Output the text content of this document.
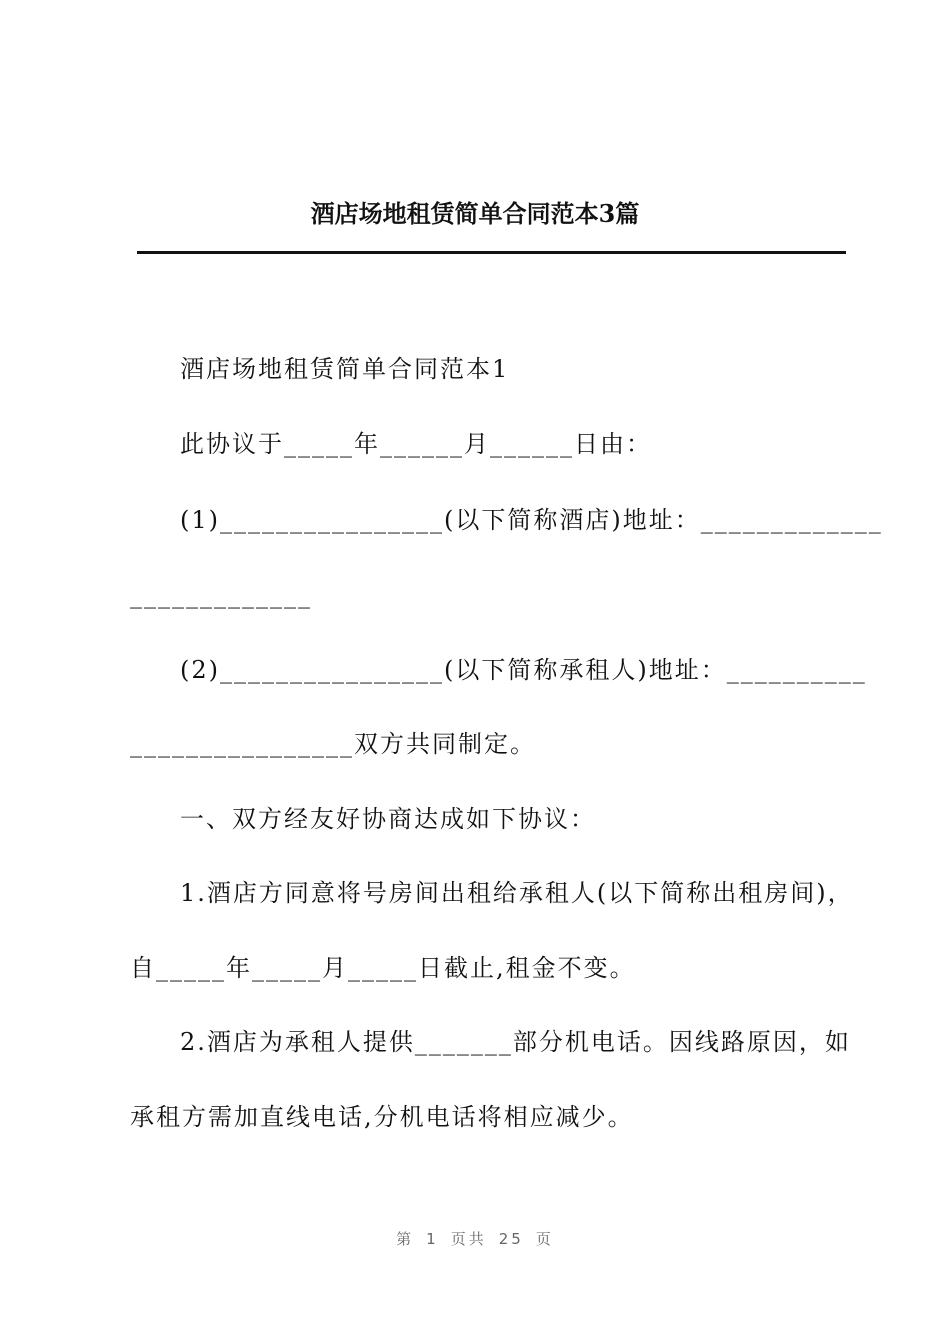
酒店场地租赁简单合同范本3篇
酒店场地租赁简单合同范本1
此协议于_____年______月______日由：
(1)________________(以下简称酒店)地址：_____________
_____________
(2)________________(以下简称承租人)地址：__________
________________双方共同制定。
一、双方经友好协商达成如下协议：
1.酒店方同意将号房间出租给承租人(以下简称出租房间)，
自_____年_____月_____日截止,租金不变。
2.酒店为承租人提供_______部分机电话。因线路原因，如
承租方需加直线电话,分机电话将相应减少。
第 1 页共 25 页
